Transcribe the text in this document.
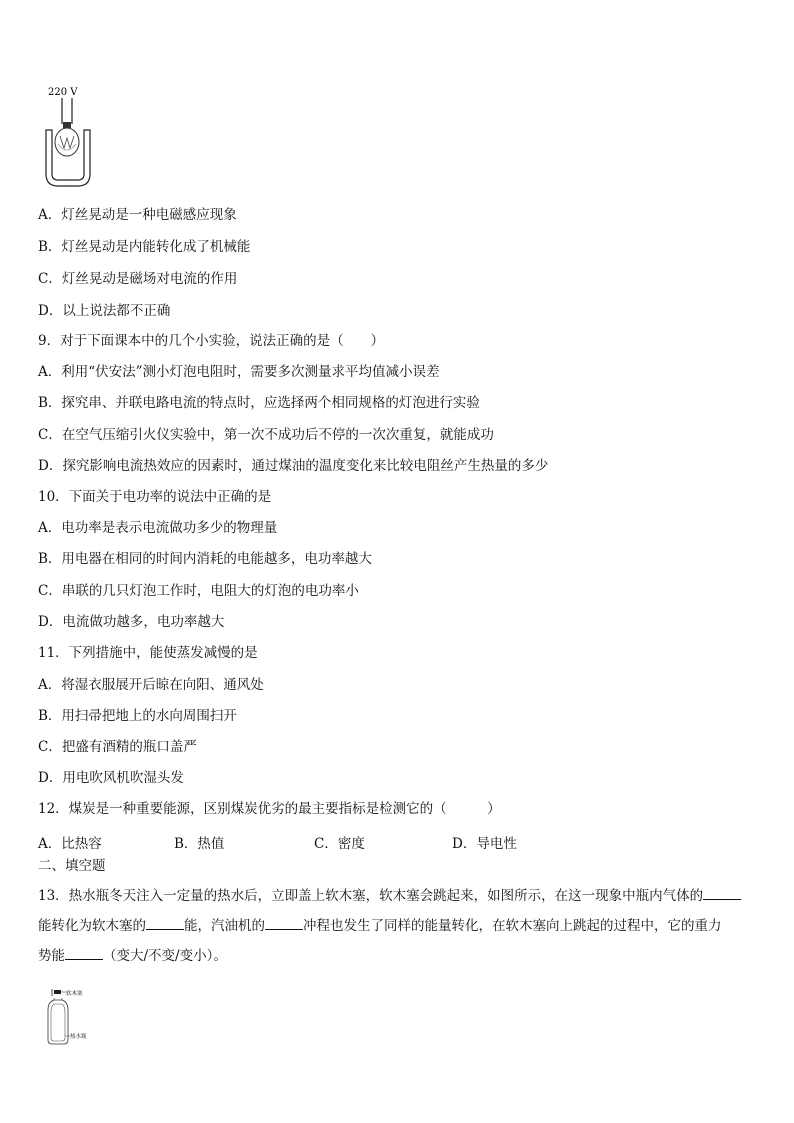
220 V
A．灯丝晃动是一种电磁感应现象
B．灯丝晃动是内能转化成了机械能
C．灯丝晃动是磁场对电流的作用
D．以上说法都不正确
9．对于下面课本中的几个小实验，说法正确的是（　　）
A．利用“伏安法”测小灯泡电阻时，需要多次测量求平均值减小误差
B．探究串、并联电路电流的特点时，应选择两个相同规格的灯泡进行实验
C．在空气压缩引火仪实验中，第一次不成功后不停的一次次重复，就能成功
D．探究影响电流热效应的因素时，通过煤油的温度变化来比较电阻丝产生热量的多少
10．下面关于电功率的说法中正确的是
A．电功率是表示电流做功多少的物理量
B．用电器在相同的时间内消耗的电能越多，电功率越大
C．串联的几只灯泡工作时，电阻大的灯泡的电功率小
D．电流做功越多，电功率越大
11．下列措施中，能使蒸发减慢的是
A．将湿衣服展开后晾在向阳、通风处
B．用扫帚把地上的水向周围扫开
C．把盛有酒精的瓶口盖严
D．用电吹风机吹湿头发
12．煤炭是一种重要能源，区别煤炭优劣的最主要指标是检测它的（　　　）
A．比热容	B．热值	C．密度	D．导电性
二、填空题
13．热水瓶冬天注入一定量的热水后，立即盖上软木塞，软木塞会跳起来，如图所示，在这一现象中瓶内气体的
能转化为软木塞的	能，汽油机的	冲程也发生了同样的能量转化，在软木塞向上跳起的过程中，它的重力
势能	（变大/不变/变小）。
软木塞
热水瓶
